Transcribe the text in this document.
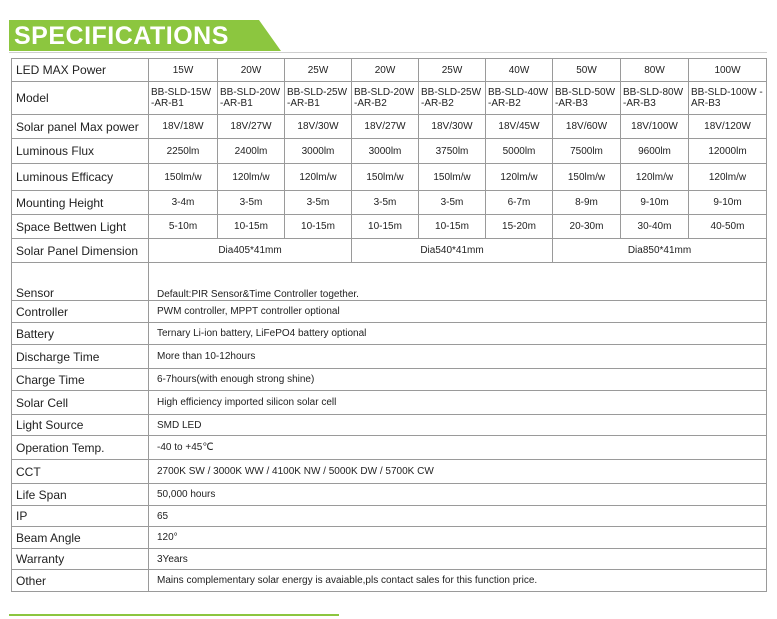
SPECIFICATIONS
LED MAX Power	15W	20W	25W	20W	25W	40W	50W	80W	100W
Model	BB-SLD-15W -AR-B1	BB-SLD-20W -AR-B1	BB-SLD-25W -AR-B1	BB-SLD-20W -AR-B2	BB-SLD-25W -AR-B2	BB-SLD-40W -AR-B2	BB-SLD-50W -AR-B3	BB-SLD-80W -AR-B3	BB-SLD-100W -AR-B3
Solar panel Max power	18V/18W	18V/27W	18V/30W	18V/27W	18V/30W	18V/45W	18V/60W	18V/100W	18V/120W
Luminous Flux	2250lm	2400lm	3000lm	3000lm	3750lm	5000lm	7500lm	9600lm	12000lm
Luminous Efficacy	150lm/w	120lm/w	120lm/w	150lm/w	150lm/w	120lm/w	150lm/w	120lm/w	120lm/w
Mounting Height	3-4m	3-5m	3-5m	3-5m	3-5m	6-7m	8-9m	9-10m	9-10m
Space Bettwen Light	5-10m	10-15m	10-15m	10-15m	10-15m	15-20m	20-30m	30-40m	40-50m
Solar Panel Dimension	Dia405*41mm			Dia540*41mm			Dia850*41mm		
Sensor	Default:PIR Sensor&Time Controller together.								
Controller	PWM controller, MPPT controller optional								
Battery	Ternary Li-ion battery, LiFePO4 battery optional								
Discharge Time	More than 10-12hours								
Charge Time	6-7hours(with enough strong shine)								
Solar Cell	High efficiency imported silicon solar cell								
Light Source	SMD LED								
Operation Temp.	-40 to +45℃								
CCT	2700K SW / 3000K WW / 4100K NW / 5000K DW / 5700K CW								
Life Span	50,000 hours								
IP	65								
Beam Angle	120°								
Warranty	3Years								
Other	Mains complementary solar energy is avaiable,pls contact sales for this function price.								
